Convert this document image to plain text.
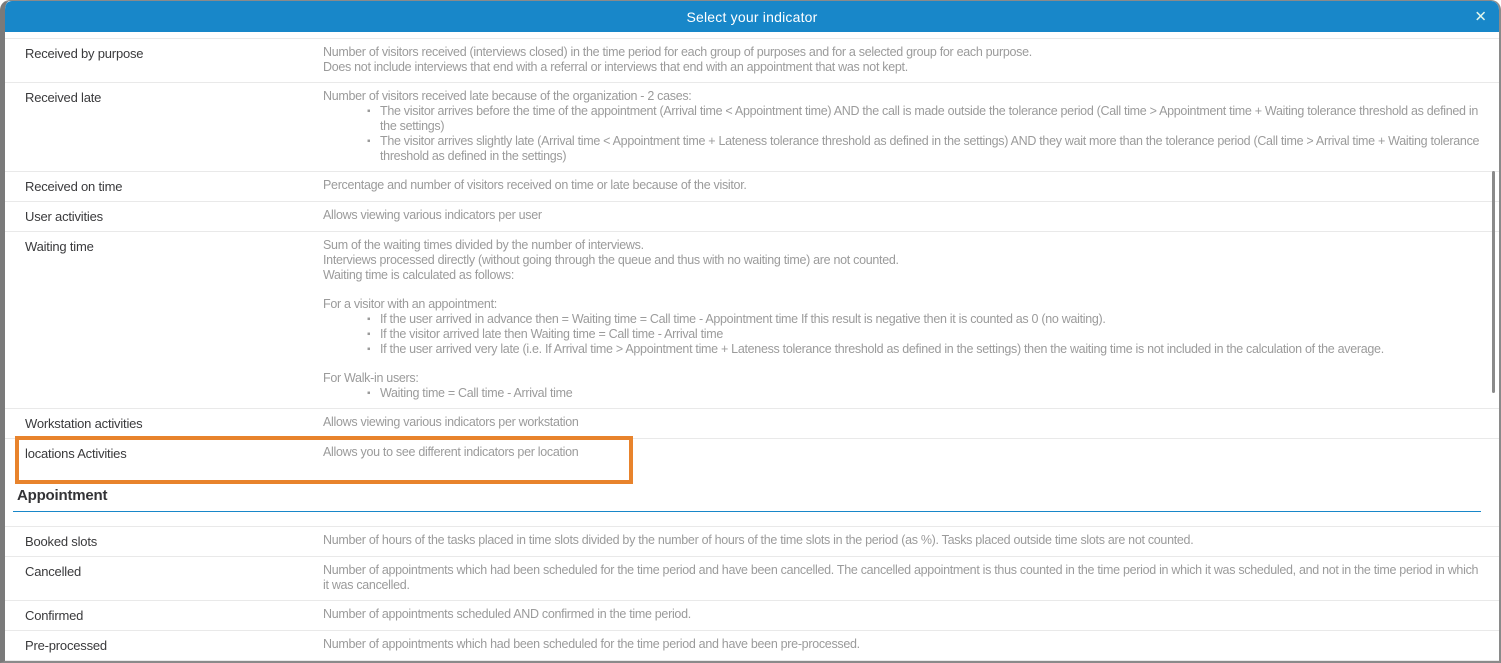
Select your indicator	✕
Received by purpose	Number of visitors received (interviews closed) in the time period for each group of purposes and for a selected group for each purpose.
Does not include interviews that end with a referral or interviews that end with an appointment that was not kept.
Received late	Number of visitors received late because of the organization - 2 cases:
▪ The visitor arrives before the time of the appointment (Arrival time < Appointment time) AND the call is made outside the tolerance period (Call time > Appointment time + Waiting tolerance threshold as defined in the settings)
▪ The visitor arrives slightly late (Arrival time < Appointment time + Lateness tolerance threshold as defined in the settings) AND they wait more than the tolerance period (Call time > Arrival time + Waiting tolerance threshold as defined in the settings)
Received on time	Percentage and number of visitors received on time or late because of the visitor.
User activities	Allows viewing various indicators per user
Waiting time	Sum of the waiting times divided by the number of interviews.
Interviews processed directly (without going through the queue and thus with no waiting time) are not counted.
Waiting time is calculated as follows:
For a visitor with an appointment:
▪ If the user arrived in advance then = Waiting time = Call time - Appointment time If this result is negative then it is counted as 0 (no waiting).
▪ If the visitor arrived late then Waiting time = Call time - Arrival time
▪ If the user arrived very late (i.e. If Arrival time > Appointment time + Lateness tolerance threshold as defined in the settings) then the waiting time is not included in the calculation of the average.
For Walk-in users:
▪ Waiting time = Call time - Arrival time
Workstation activities	Allows viewing various indicators per workstation
locations Activities	Allows you to see different indicators per location
Appointment
Booked slots	Number of hours of the tasks placed in time slots divided by the number of hours of the time slots in the period (as %). Tasks placed outside time slots are not counted.
Cancelled	Number of appointments which had been scheduled for the time period and have been cancelled. The cancelled appointment is thus counted in the time period in which it was scheduled, and not in the time period in which it was cancelled.
Confirmed	Number of appointments scheduled AND confirmed in the time period.
Pre-processed	Number of appointments which had been scheduled for the time period and have been pre-processed.
